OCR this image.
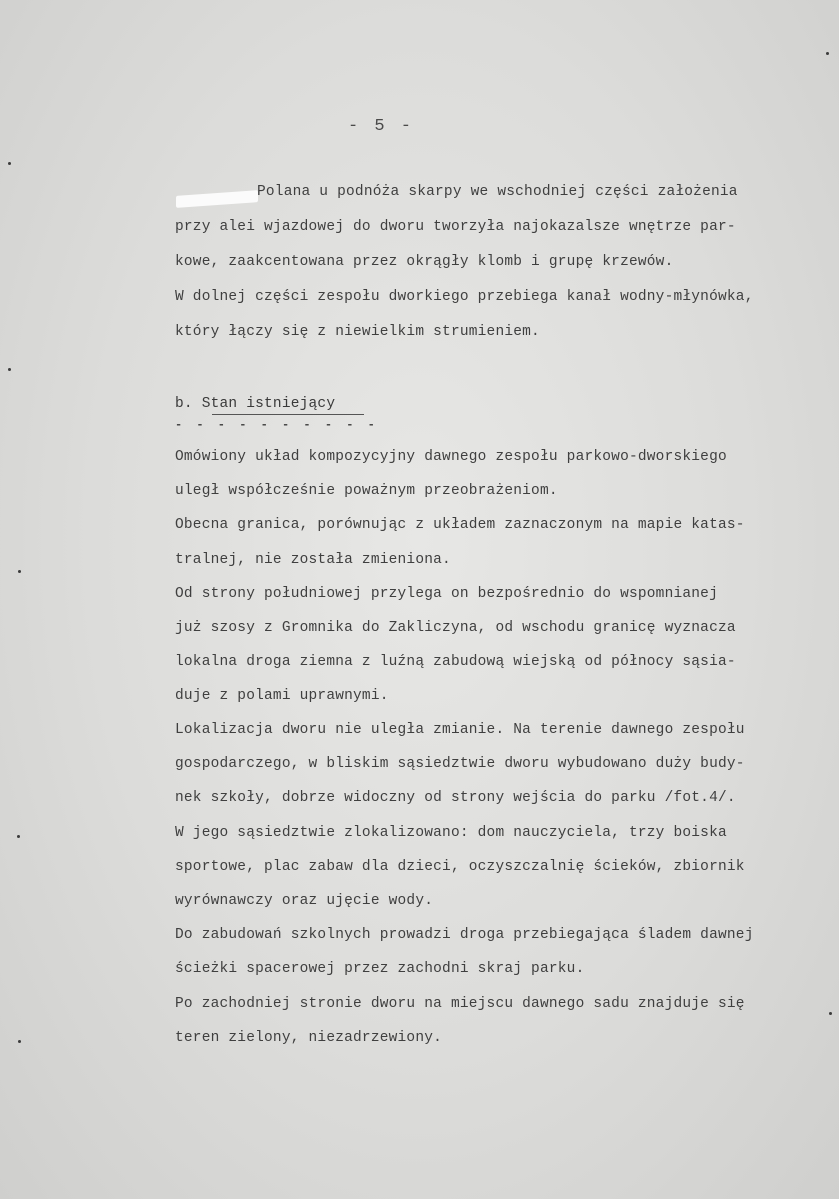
- 5 -
Polana u podnóża skarpy we wschodniej części założenia
przy alei wjazdowej do dworu tworzyła najokazalsze wnętrze par-
kowe, zaakcentowana przez okrągły klomb i grupę krzewów.
W dolnej części zespołu dworkiego przebiega kanał wodny-młynówka,
który łączy się z niewielkim strumieniem.
b. Stan istniejący
- - - - - - - - - -
Omówiony układ kompozycyjny dawnego zespołu parkowo-dworskiego
uległ współcześnie poważnym przeobrażeniom.
Obecna granica, porównując z układem zaznaczonym na mapie katas-
tralnej, nie została zmieniona.
Od strony południowej przylega on bezpośrednio do wspomnianej
już szosy z Gromnika do Zakliczyna, od wschodu granicę wyznacza
lokalna droga ziemna z luźną zabudową wiejską od północy sąsia-
duje z polami uprawnymi.
Lokalizacja dworu nie uległa zmianie. Na terenie dawnego zespołu
gospodarczego, w bliskim sąsiedztwie dworu wybudowano duży budy-
nek szkoły, dobrze widoczny od strony wejścia do parku /fot.4/.
W jego sąsiedztwie zlokalizowano: dom nauczyciela, trzy boiska
sportowe, plac zabaw dla dzieci, oczyszczalnię ścieków, zbiornik
wyrównawczy oraz ujęcie wody.
Do zabudowań szkolnych prowadzi droga przebiegająca śladem dawnej
ścieżki spacerowej przez zachodni skraj parku.
Po zachodniej stronie dworu na miejscu dawnego sadu znajduje się
teren zielony, niezadrzewiony.
